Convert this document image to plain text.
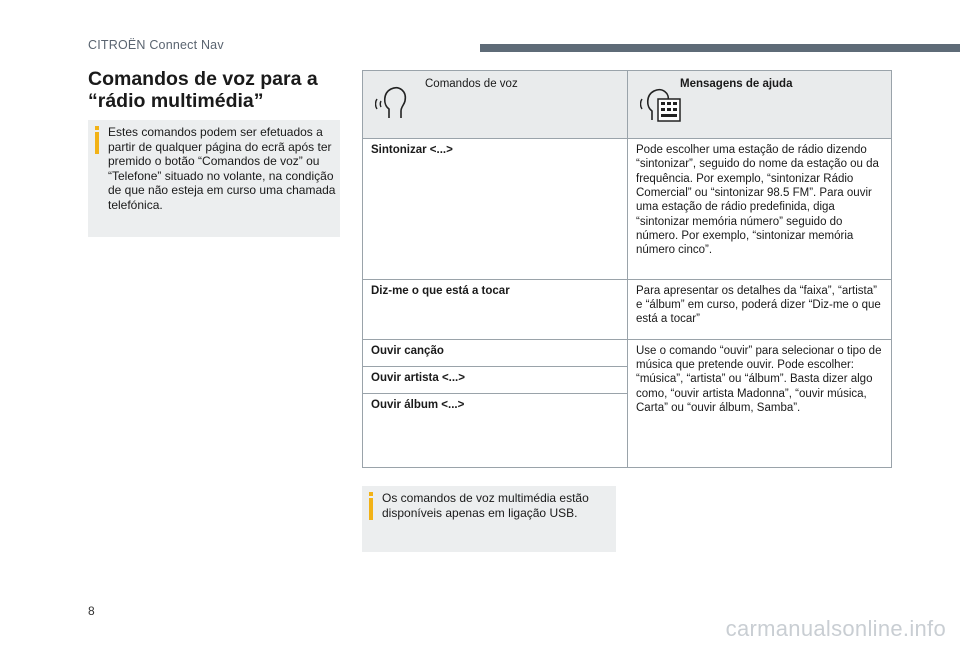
CITROËN Connect Nav
Comandos de voz para a “rádio multimédia”
Estes comandos podem ser efetuados a partir de qualquer página do ecrã após ter premido o botão “Comandos de voz” ou “Telefone” situado no volante, na condição de que não esteja em curso uma chamada telefónica.
Comandos de voz	Mensagens de ajuda

Sintonizar <...>	Pode escolher uma estação de rádio dizendo “sintonizar”, seguido do nome da estação ou da frequência. Por exemplo, “sintonizar Rádio Comercial” ou “sintonizar 98.5 FM”. Para ouvir uma estação de rádio predefinida, diga “sintonizar memória número” seguido do número. Por exemplo, “sintonizar memória número cinco”.
Diz-me o que está a tocar	Para apresentar os detalhes da “faixa”, “artista” e “álbum” em curso, poderá dizer “Diz-me o que está a tocar”
Ouvir canção	Use o comando “ouvir” para selecionar o tipo de música que pretende ouvir. Pode escolher: “música”, “artista” ou “álbum”. Basta dizer algo como, “ouvir artista Madonna”, “ouvir música, Carta” ou “ouvir álbum, Samba”.
Ouvir artista <...>	
Ouvir álbum <...>	
Os comandos de voz multimédia estão disponíveis apenas em ligação USB.
8
carmanualsonline.info
